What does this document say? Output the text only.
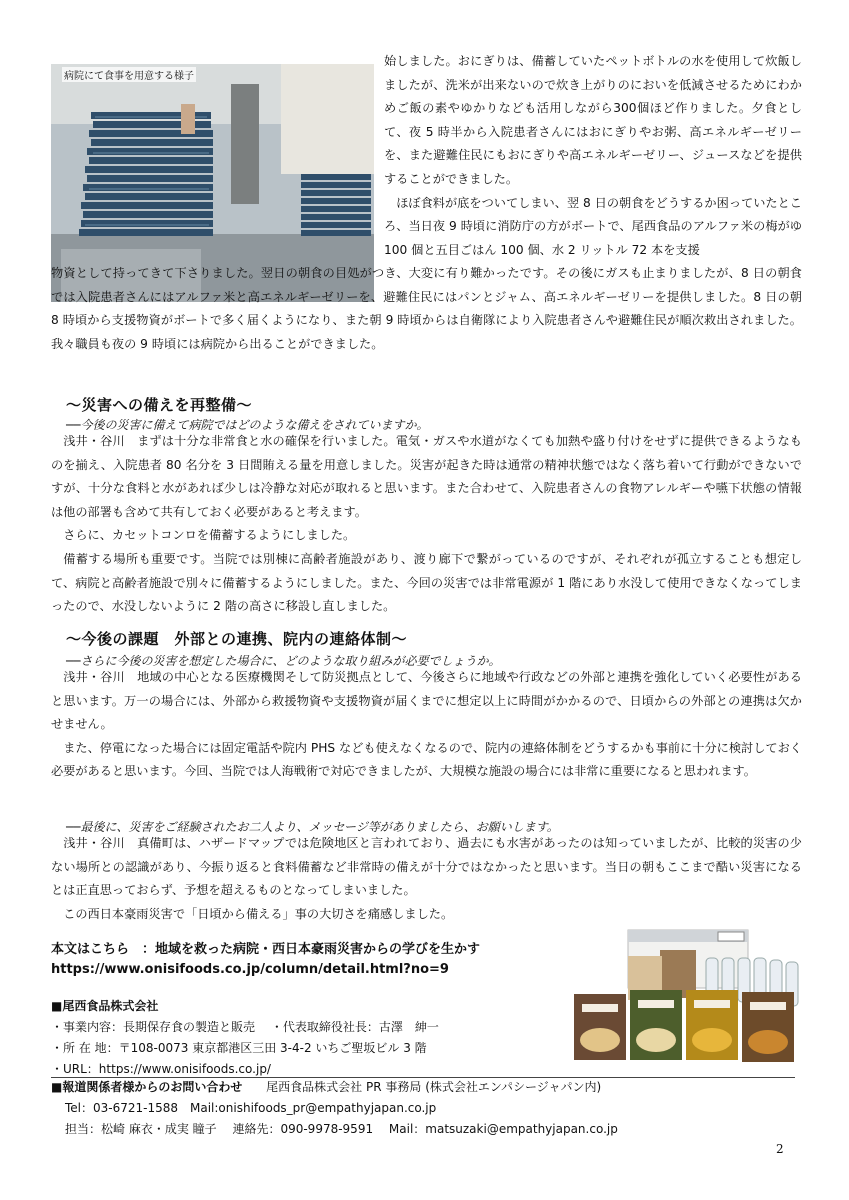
病院にて食事を用意する様子

始しました。おにぎりは、備蓄していたペットボトルの水を使用して炊飯しましたが、洗米が出来ないので炊き上がりのにおいを低減させるためにわかめご飯の素やゆかりなども活用しながら300個ほど作りました。夕食として、夜 5 時半から入院患者さんにはおにぎりやお粥、高エネルギーゼリーを、また避難住民にもおにぎりや高エネルギーゼリー、ジュースなどを提供することができました。

ほぼ食料が底をついてしまい、翌 8 日の朝食をどうするか困っていたところ、当日夜 9 時頃に消防庁の方がボートで、尾西食品のアルファ米の梅がゆ 100 個と五目ごはん 100 個、水 2 リットル 72 本を支援

物資として持ってきて下さりました。翌日の朝食の目処がつき、大変に有り難かったです。その後にガスも止まりましたが、8 日の朝食では入院患者さんにはアルファ米と高エネルギーゼリーを、避難住民にはパンとジャム、高エネルギーゼリーを提供しました。8 日の朝 8 時頃から支援物資がボートで多く届くようになり、また朝 9 時頃からは自衛隊により入院患者さんや避難住民が順次救出されました。我々職員も夜の 9 時頃には病院から出ることができました。

～災害への備えを再整備～
──今後の災害に備えて病院ではどのような備えをされていますか。

浅井・谷川　まずは十分な非常食と水の確保を行いました。電気・ガスや水道がなくても加熱や盛り付けをせずに提供できるようなものを揃え、入院患者 80 名分を 3 日間賄える量を用意しました。災害が起きた時は通常の精神状態ではなく落ち着いて行動ができないですが、十分な食料と水があれば少しは冷静な対応が取れると思います。また合わせて、入院患者さんの食物アレルギーや嚥下状態の情報は他の部署も含めて共有しておく必要があると考えます。

さらに、カセットコンロを備蓄するようにしました。

備蓄する場所も重要です。当院では別棟に高齢者施設があり、渡り廊下で繋がっているのですが、それぞれが孤立することも想定して、病院と高齢者施設で別々に備蓄するようにしました。また、今回の災害では非常電源が 1 階にあり水没して使用できなくなってしまったので、水没しないように 2 階の高さに移設し直しました。

～今後の課題　外部との連携、院内の連絡体制～
──さらに今後の災害を想定した場合に、どのような取り組みが必要でしょうか。

浅井・谷川　地域の中心となる医療機関そして防災拠点として、今後さらに地域や行政などの外部と連携を強化していく必要性があると思います。万一の場合には、外部から救援物資や支援物資が届くまでに想定以上に時間がかかるので、日頃からの外部との連携は欠かせません。

また、停電になった場合には固定電話や院内 PHS なども使えなくなるので、院内の連絡体制をどうするかも事前に十分に検討しておく必要があると思います。今回、当院では人海戦術で対応できましたが、大規模な施設の場合には非常に重要になると思われます。

──最後に、災害をご経験されたお二人より、メッセージ等がありましたら、お願いします。

浅井・谷川　真備町は、ハザードマップでは危険地区と言われており、過去にも水害があったのは知っていましたが、比較的災害の少ない場所との認識があり、今振り返ると食料備蓄など非常時の備えが十分ではなかったと思います。当日の朝もここまで酷い災害になるとは正直思っておらず、予想を超えるものとなってしまいました。

この西日本豪雨災害で「日頃から備える」事の大切さを痛感しました。

本文はこちら　：地域を救った病院・西日本豪雨災害からの学びを生かす
https://www.onisifoods.co.jp/column/detail.html?no=9
■尾西食品株式会社
・事業内容：長期保存食の製造と販売　 ・代表取締役社長：古澤　紳一
・所 在 地：〒108-0073 東京都港区三田 3-4-2 いちご聖坂ビル 3 階
・URL：https://www.onisifoods.co.jp/
■報道関係者様からのお問い合わせ 尾西食品株式会社 PR 事務局 (株式会社エンパシージャパン内)
Tel：03-6721-1588　Mail:onishifoods_pr@empathyjapan.co.jp
担当：松崎 麻衣・成実 瞳子　 連絡先：090-9978-9591　 Mail：matsuzaki@empathyjapan.co.jp
2
